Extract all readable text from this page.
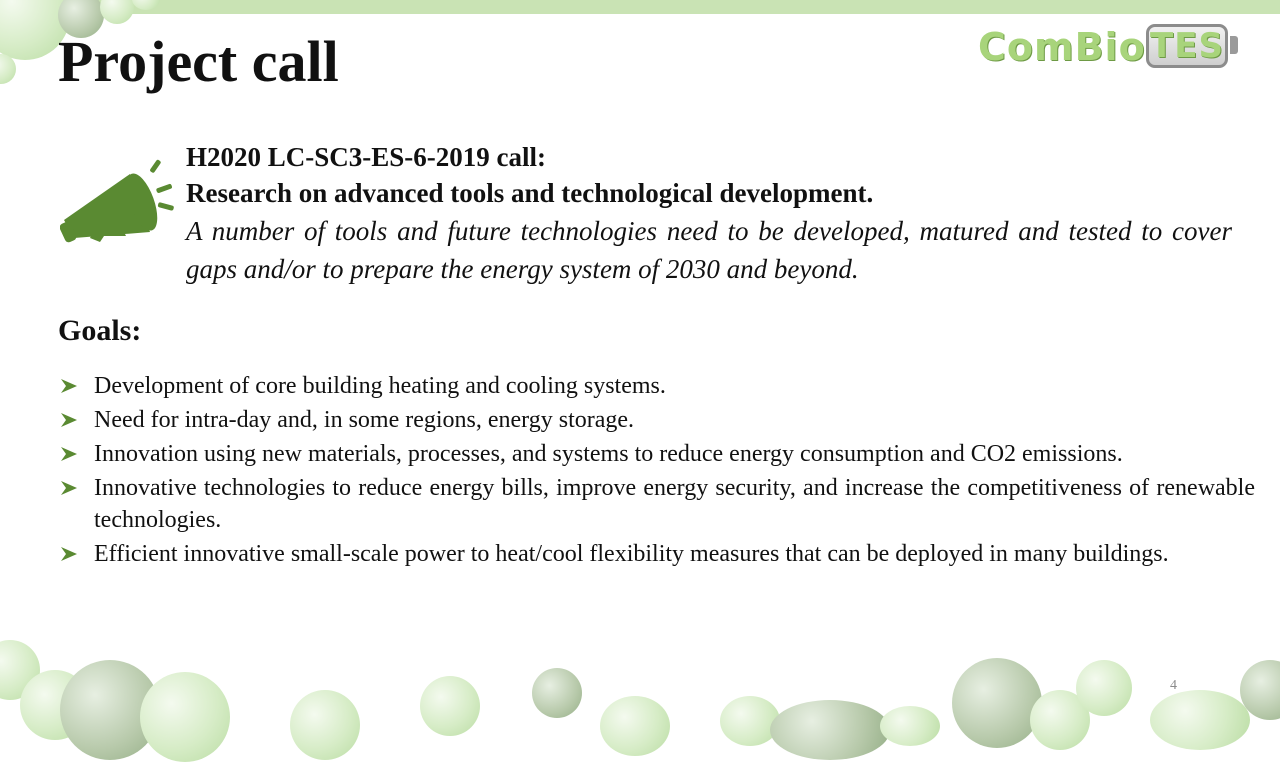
Project call	ComBio TES
H2020 LC-SC3-ES-6-2019 call:
Research on advanced tools and technological development.
A number of tools and future technologies need to be developed, matured and tested to cover gaps and/or to prepare the energy system of 2030 and beyond.
Goals:
Development of core building heating and cooling systems.
Need for intra-day and, in some regions, energy storage.
Innovation using new materials, processes, and systems to reduce energy consumption and CO2 emissions.
Innovative technologies to reduce energy bills, improve energy security, and increase the competitiveness of renewable technologies.
Efficient innovative small-scale power to heat/cool flexibility measures that can be deployed in many buildings.
4
